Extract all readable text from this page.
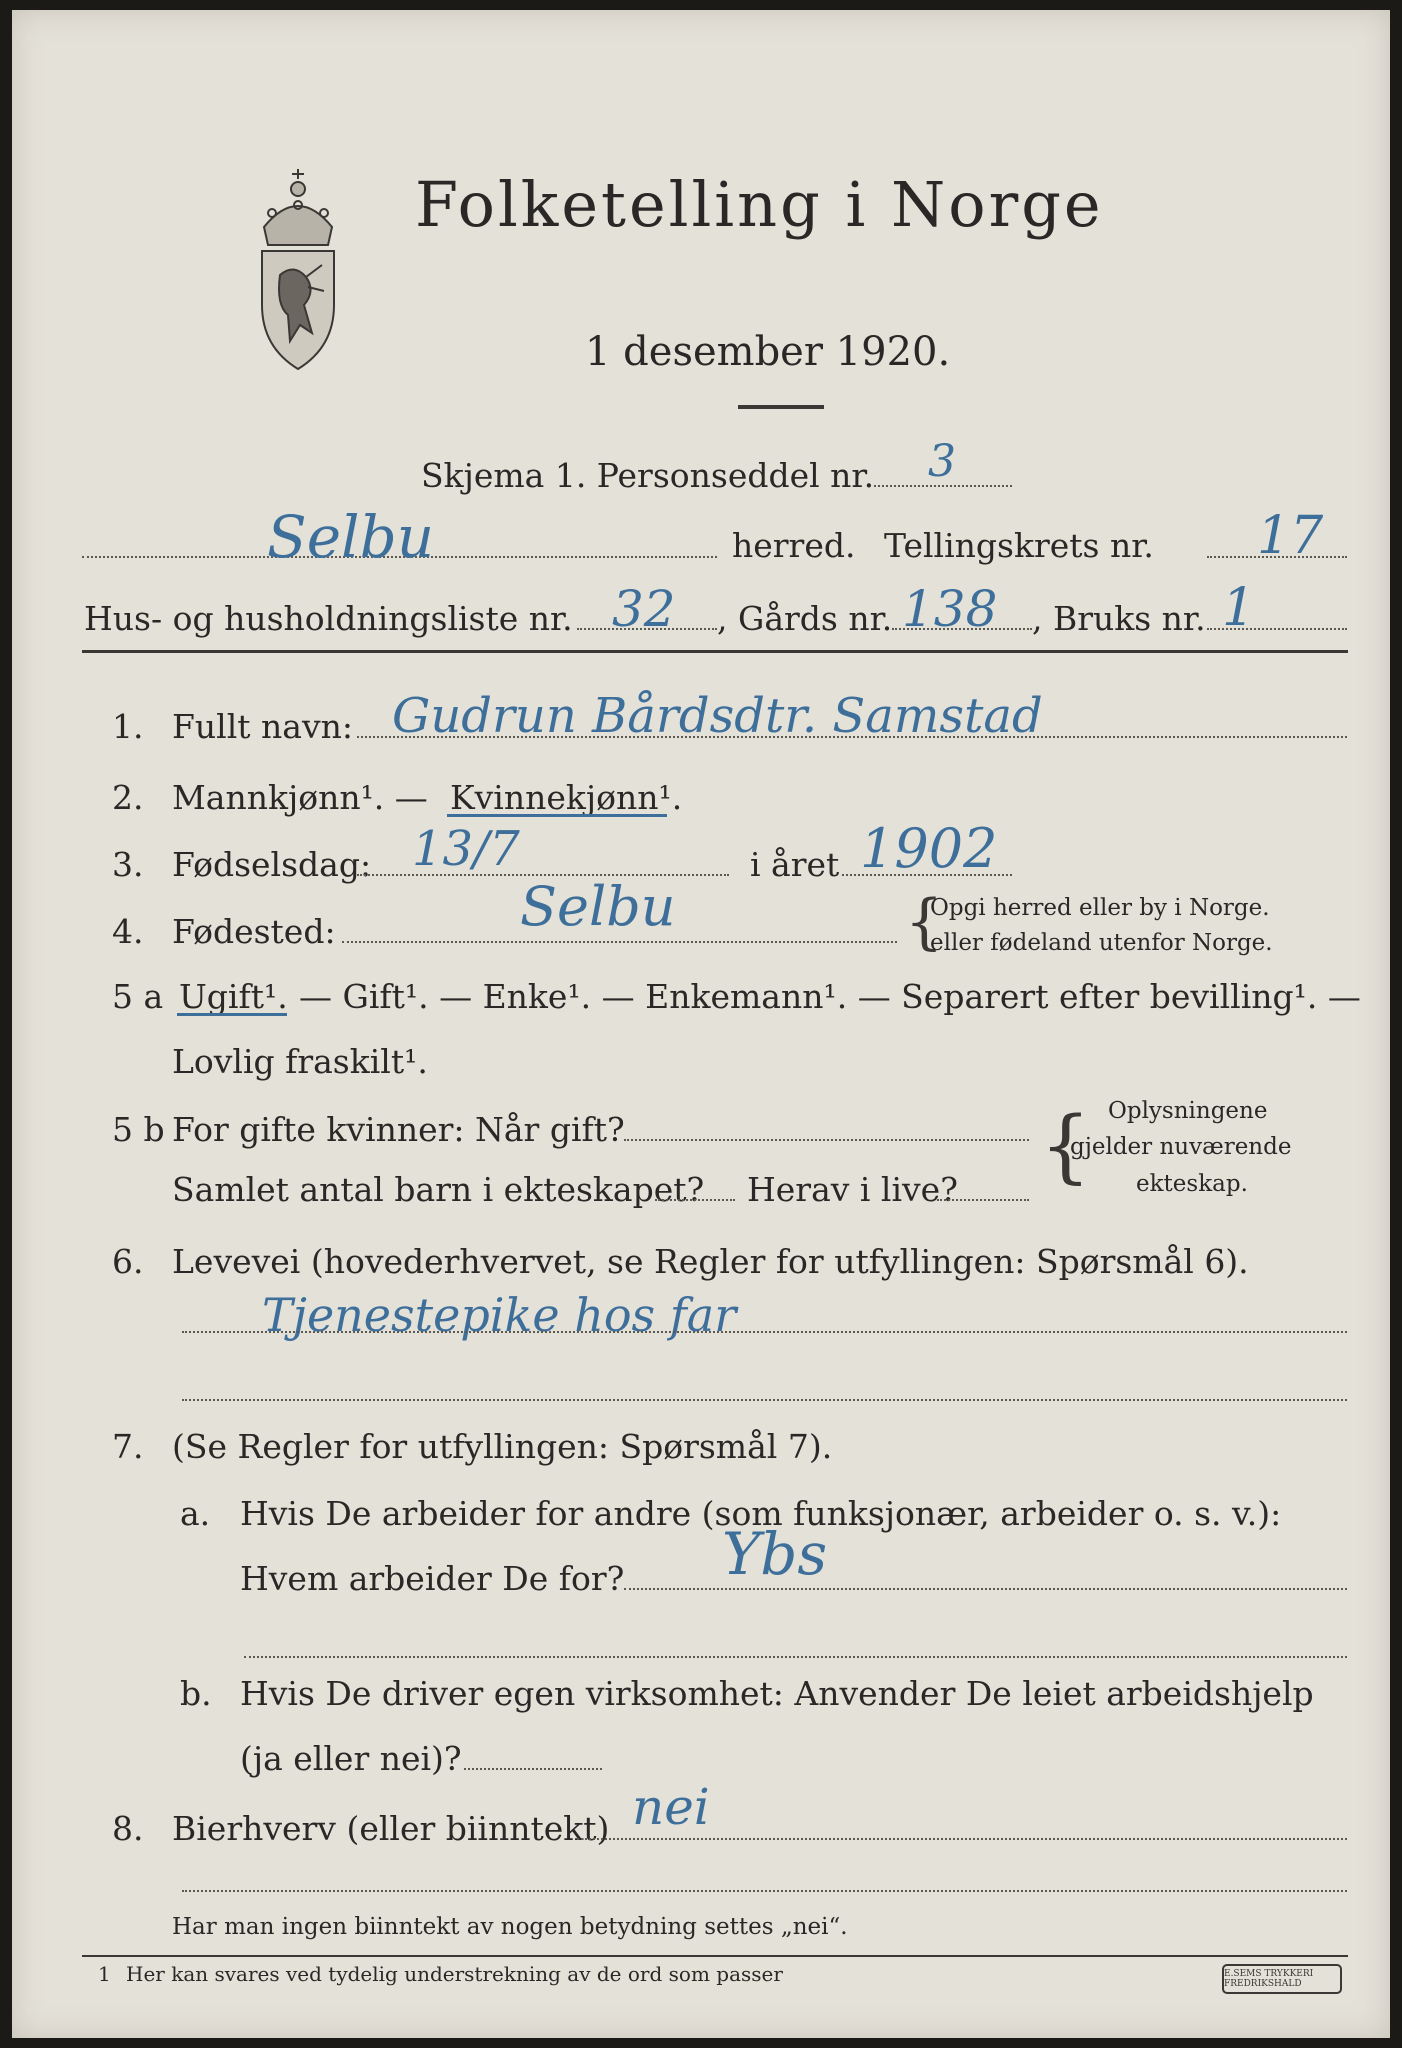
Folketelling i Norge
1 desember 1920.
Skjema 1. Personseddel nr. 3
Selbu	herred. Tellingskrets nr. 17
Hus- og husholdningsliste nr. 32 , Gårds nr. 138 , Bruks nr. 1
1. Fullt navn: Gudrun Bårdsdtr. Samstad
2. Mannkjønn¹. — Kvinnekjønn¹.
3. Fødselsdag: 13/7	i året 1902
4. Fødested:	Selbu	{
Opgi herred eller by i Norge.
eller fødeland utenfor Norge.
5 a Ugift¹. — Gift¹. — Enke¹. — Enkemann¹. — Separert efter bevilling¹. —
Lovlig fraskilt¹.
5 b For gifte kvinner: Når gift?
Samlet antal barn i ekteskapet? Herav i live? { Oplysningene
gjelder nuværende
ekteskap.
6. Levevei (hovederhvervet, se Regler for utfyllingen: Spørsmål 6).
Tjenestepike hos far
7. (Se Regler for utfyllingen: Spørsmål 7).
a. Hvis De arbeider for andre (som funksjonær, arbeider o. s. v.):
Hvem arbeider De for? Ybs
b. Hvis De driver egen virksomhet: Anvender De leiet arbeidshjelp
(ja eller nei)?
8. Bierhverv (eller biinntekt) nei
Har man ingen biinntekt av nogen betydning settes „nei“.
1 Her kan svares ved tydelig understrekning av de ord som passer	E.SEMS TRYKKERI FREDRIKSHALD
